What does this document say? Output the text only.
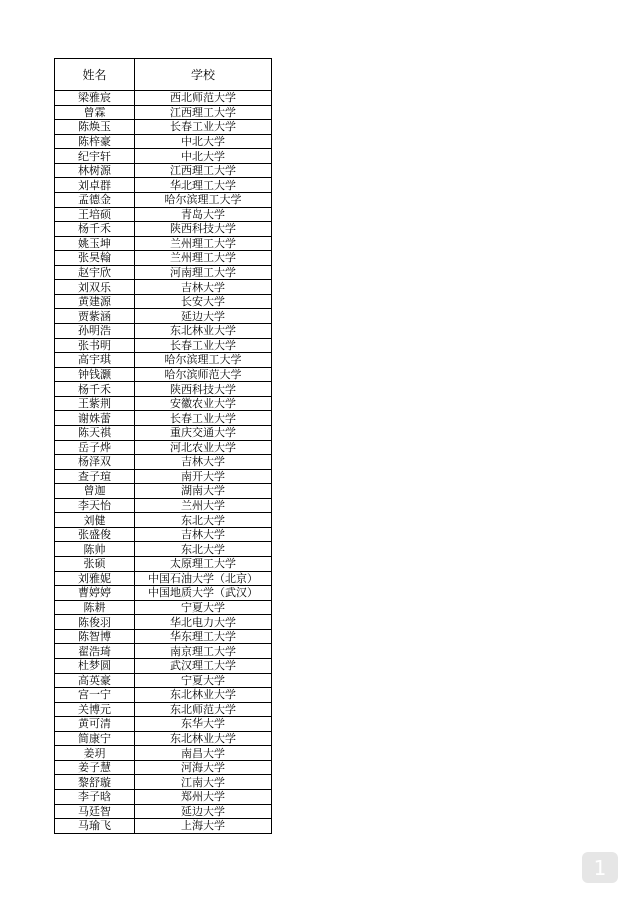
姓名	学校
梁雅宸	西北师范大学
曾霖	江西理工大学
陈焕玉	长春工业大学
陈梓豪	中北大学
纪宇轩	中北大学
林树源	江西理工大学
刘卓群	华北理工大学
孟德金	哈尔滨理工大学
王培硕	青岛大学
杨千禾	陕西科技大学
姚玉坤	兰州理工大学
张昊翰	兰州理工大学
赵宇欣	河南理工大学
刘双乐	吉林大学
黄建源	长安大学
贾紫涵	延边大学
孙明浩	东北林业大学
张书明	长春工业大学
高宇琪	哈尔滨理工大学
钟钱灏	哈尔滨师范大学
杨千禾	陕西科技大学
王紫荆	安徽农业大学
谢姝蕾	长春工业大学
陈天祺	重庆交通大学
岳子烨	河北农业大学
杨泽双	吉林大学
查子瑄	南开大学
曾迦	湖南大学
李天怡	兰州大学
刘健	东北大学
张盛俊	吉林大学
陈帅	东北大学
张硕	太原理工大学
刘雅妮	中国石油大学（北京）
曹婷婷	中国地质大学（武汉）
陈耕	宁夏大学
陈俊羽	华北电力大学
陈智博	华东理工大学
翟浩琦	南京理工大学
杜梦圆	武汉理工大学
高英豪	宁夏大学
宫一宁	东北林业大学
关博元	东北师范大学
黄可清	东华大学
简康宁	东北林业大学
姜玥	南昌大学
姜子慧	河海大学
黎舒璇	江南大学
李子晗	郑州大学
马廷智	延边大学
马瑜飞	上海大学
1
